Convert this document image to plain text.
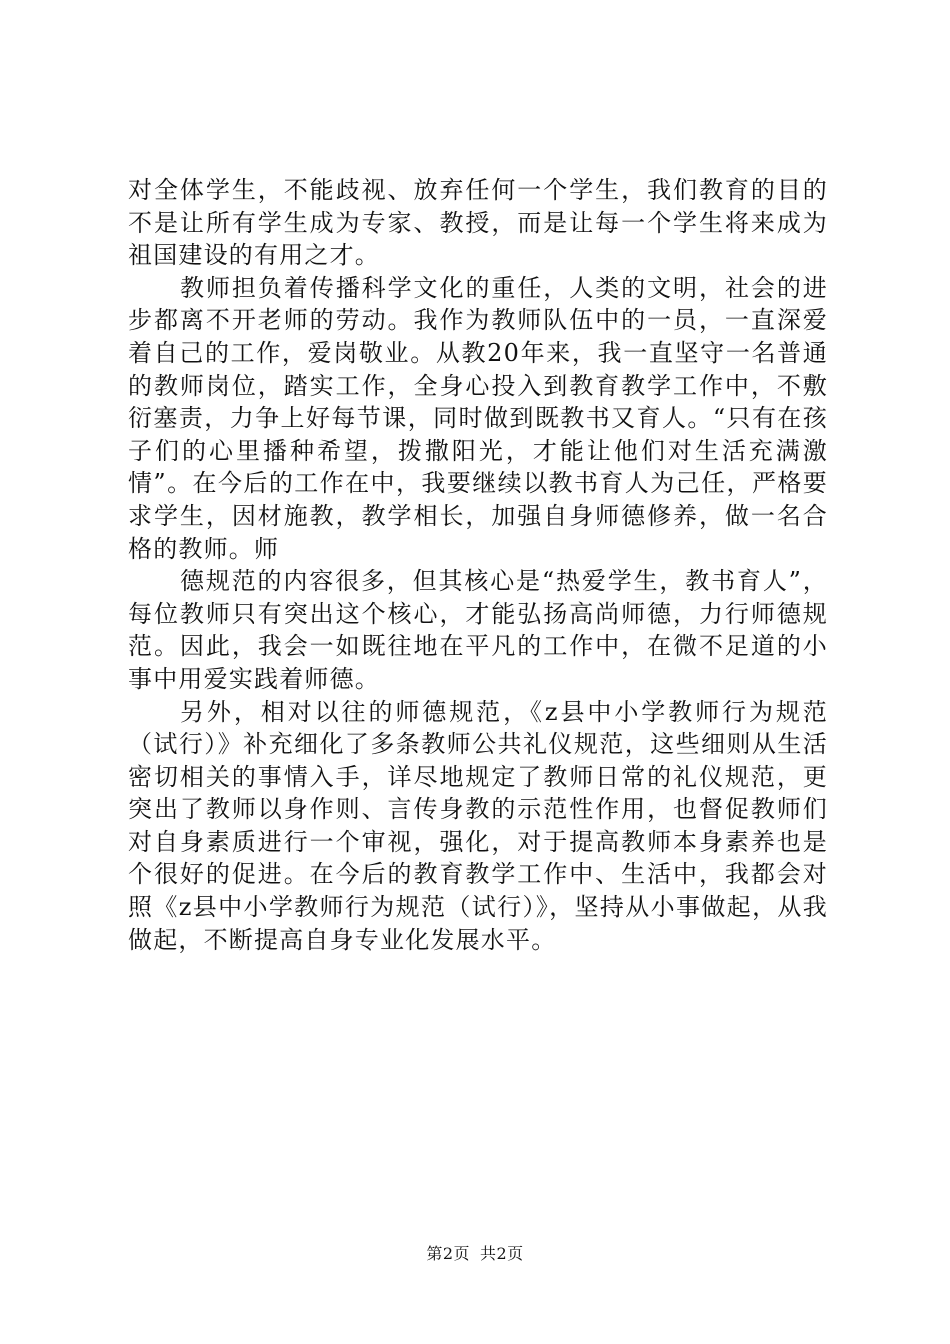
对全体学生，不能歧视、放弃任何一个学生，我们教育的目的不是让所有学生成为专家、教授，而是让每一个学生将来成为祖国建设的有用之才。

教师担负着传播科学文化的重任，人类的文明，社会的进步都离不开老师的劳动。我作为教师队伍中的一员，一直深爱着自己的工作，爱岗敬业。从教20年来，我一直坚守一名普通的教师岗位，踏实工作，全身心投入到教育教学工作中，不敷衍塞责，力争上好每节课，同时做到既教书又育人。“只有在孩子们的心里播种希望，拨撒阳光，才能让他们对生活充满激情”。在今后的工作在中，我要继续以教书育人为己任，严格要求学生，因材施教，教学相长，加强自身师德修养，做一名合格的教师。师

德规范的内容很多，但其核心是“热爱学生，教书育人”，每位教师只有突出这个核心，才能弘扬高尚师德，力行师德规范。因此，我会一如既往地在平凡的工作中，在微不足道的小事中用爱实践着师德。

另外，相对以往的师德规范，《z县中小学教师行为规范（试行）》补充细化了多条教师公共礼仪规范，这些细则从生活密切相关的事情入手，详尽地规定了教师日常的礼仪规范，更突出了教师以身作则、言传身教的示范性作用，也督促教师们对自身素质进行一个审视，强化，对于提高教师本身素养也是个很好的促进。在今后的教育教学工作中、生活中，我都会对照《z县中小学教师行为规范（试行）》，坚持从小事做起，从我做起，不断提高自身专业化发展水平。

第2页 共2页
